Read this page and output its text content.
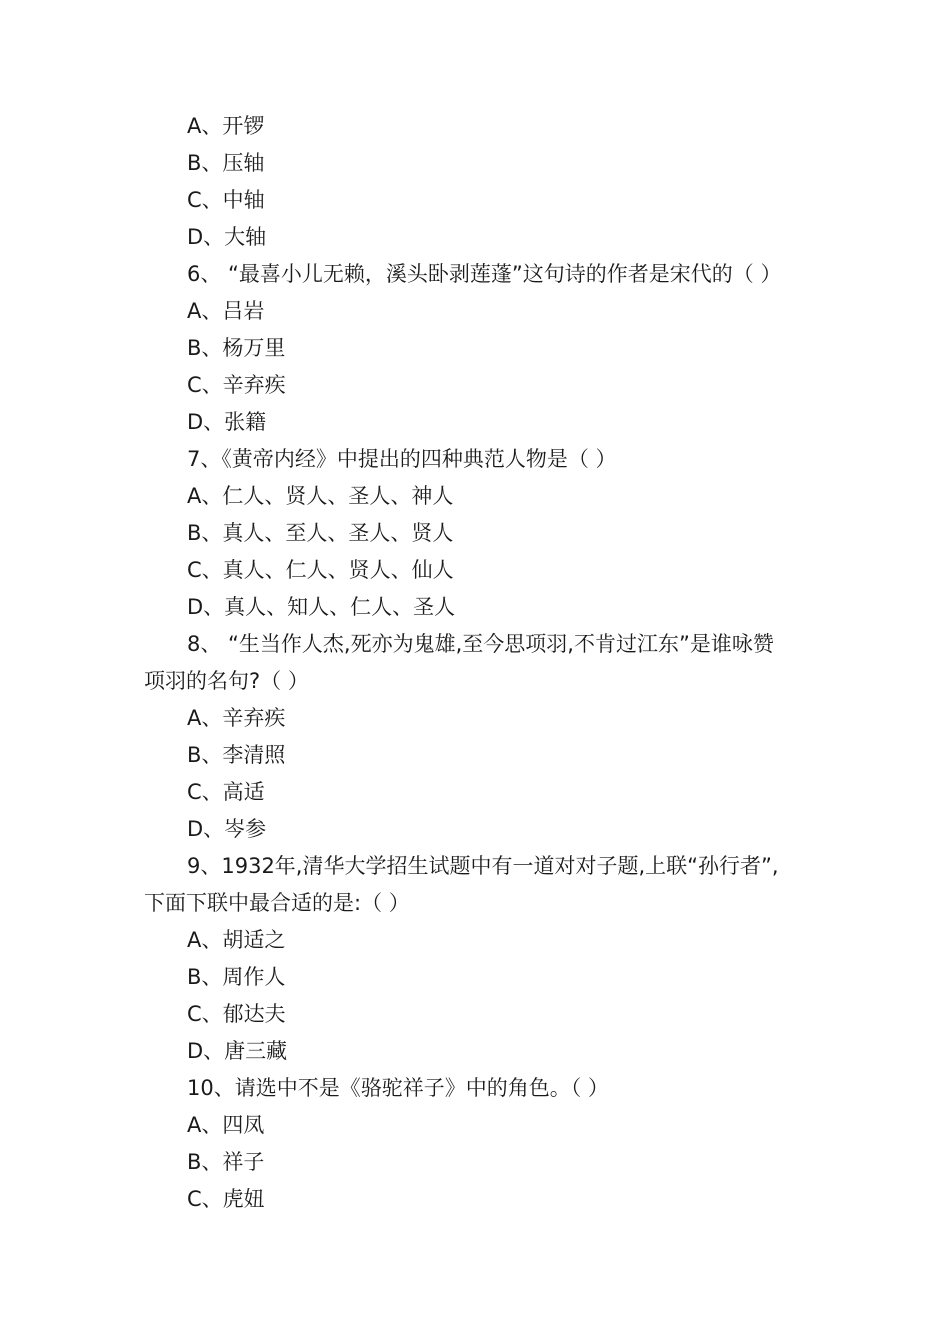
A、开锣
B、压轴
C、中轴
D、大轴
6、 “最喜小儿无赖，溪头卧剥莲蓬”这句诗的作者是宋代的（ ）
A、吕岩
B、杨万里
C、辛弃疾
D、张籍
7、《黄帝内经》中提出的四种典范人物是（ ）
A、仁人、贤人、圣人、神人
B、真人、至人、圣人、贤人
C、真人、仁人、贤人、仙人
D、真人、知人、仁人、圣人
8、 “生当作人杰,死亦为鬼雄,至今思项羽,不肯过江东”是谁咏赞
项羽的名句?（ ）
A、辛弃疾
B、李清照
C、高适
D、岑参
9、1932年,清华大学招生试题中有一道对对子题,上联“孙行者”,
下面下联中最合适的是:（ ）
A、胡适之
B、周作人
C、郁达夫
D、唐三藏
10、请选中不是《骆驼祥子》中的角色。（ ）
A、四凤
B、祥子
C、虎妞
